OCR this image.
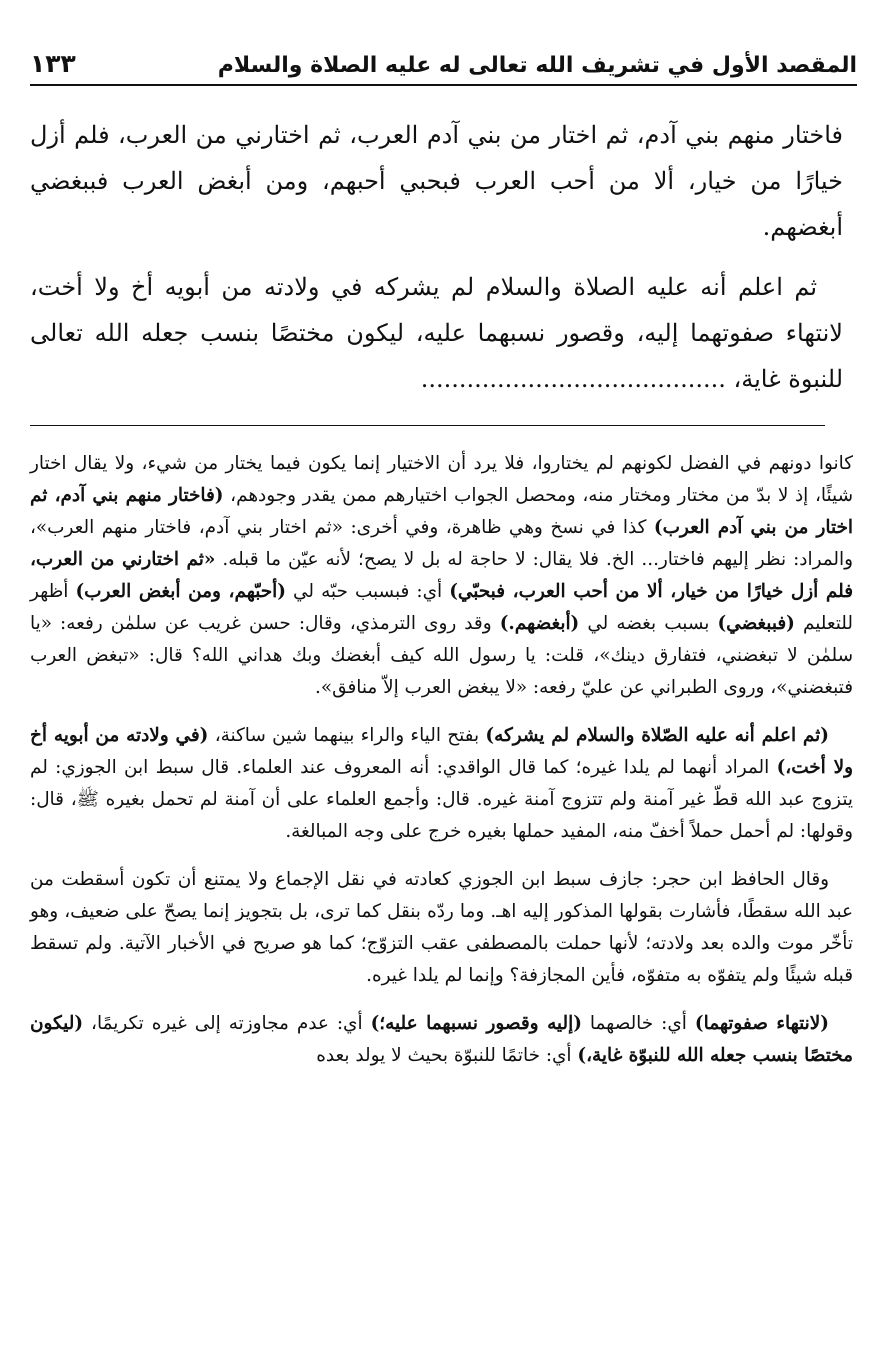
المقصد الأول في تشريف الله تعالى له عليه الصلاة والسلام
١٣٣

فاختار منهم بني آدم، ثم اختار من بني آدم العرب، ثم اختارني من العرب، فلم أزل خيارًا من خيار، ألا من أحب العرب فبحبي أحبهم، ومن أبغض العرب فببغضي أبغضهم.

ثم اعلم أنه عليه الصلاة والسلام لم يشركه في ولادته من أبويه أخ ولا أخت، لانتهاء صفوتهما إليه، وقصور نسبهما عليه، ليكون مختصًا بنسب جعله الله تعالى للنبوة غاية، ........................................

كانوا دونهم في الفضل لكونهم لم يختاروا، فلا يرد أن الاختيار إنما يكون فيما يختار من شيء، ولا يقال اختار شيئًا، إذ لا بدّ من مختار ومختار منه، ومحصل الجواب اختيارهم ممن يقدر وجودهم، (فاختار منهم بني آدم، ثم اختار من بني آدم العرب) كذا في نسخ وهي ظاهرة، وفي أخرى: «ثم اختار بني آدم، فاختار منهم العرب»، والمراد: نظر إليهم فاختار... الخ. فلا يقال: لا حاجة له بل لا يصح؛ لأنه عيّن ما قبله. «ثم اختارني من العرب، فلم أزل خيارًا من خيار، ألا من أحب العرب، فبحبّي) أي: فبسبب حبّه لي (أحبّهم، ومن أبغض العرب) أظهر للتعليم (فببغضي) بسبب بغضه لي (أبغضهم.) وقد روى الترمذي، وقال: حسن غريب عن سلمٰن رفعه: «يا سلمٰن لا تبغضني، فتفارق دينك»، قلت: يا رسول الله كيف أبغضك وبك هداني الله؟ قال: «تبغض العرب فتبغضني»، وروى الطبراني عن عليّ رفعه: «لا يبغض العرب إلاّ منافق».

(ثم اعلم أنه عليه الصّلاة والسلام لم يشركه) بفتح الياء والراء بينهما شين ساكنة، (في ولادته من أبويه أخ ولا أخت،) المراد أنهما لم يلدا غيره؛ كما قال الواقدي: أنه المعروف عند العلماء. قال سبط ابن الجوزي: لم يتزوج عبد الله قطّ غير آمنة ولم تتزوج آمنة غيره. قال: وأجمع العلماء على أن آمنة لم تحمل بغيره ﷺ، قال: وقولها: لم أحمل حملاً أخفّ منه، المفيد حملها بغيره خرج على وجه المبالغة.

وقال الحافظ ابن حجر: جازف سبط ابن الجوزي كعادته في نقل الإجماع ولا يمتنع أن تكون أسقطت من عبد الله سقطًا، فأشارت بقولها المذكور إليه اهـ. وما ردّه بنقل كما ترى، بل بتجويز إنما يصحّ على ضعيف، وهو تأخّر موت والده بعد ولادته؛ لأنها حملت بالمصطفى عقب التزوّج؛ كما هو صريح في الأخبار الآتية. ولم تسقط قبله شيئًا ولم يتفوّه به متفوّه، فأين المجازفة؟ وإنما لم يلدا غيره.

(لانتهاء صفوتهما) أي: خالصهما (إليه وقصور نسبهما عليه؛) أي: عدم مجاوزته إلى غيره تكريمًا، (ليكون مختصًا بنسب جعله الله للنبوّة غاية،) أي: خاتمًا للنبوّة بحيث لا يولد بعده
